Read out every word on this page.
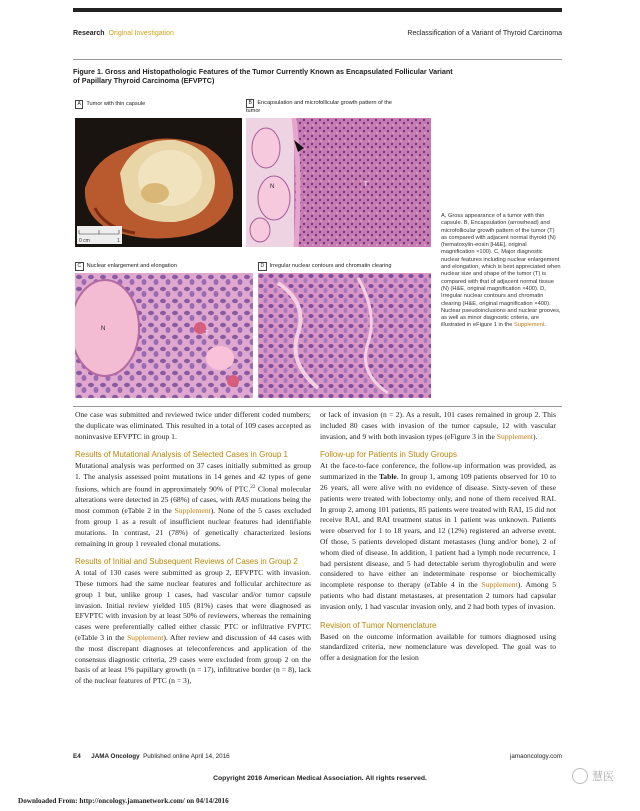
Research Original Investigation	Reclassification of a Variant of Thyroid Carcinoma
Figure 1. Gross and Histopathologic Features of the Tumor Currently Known as Encapsulated Follicular Variant of Papillary Thyroid Carcinoma (EFVPTC)
A Tumor with thin capsule	B Encapsulation and microfollicular growth pattern of the tumor
C Nuclear enlargement and elongation	D Irregular nuclear contours and chromatin clearing
0 cm	1
N	T
N
T
A, Gross appearance of a tumor with thin capsule. B, Encapsulation (arrowhead) and microfollicular growth pattern of the tumor (T) as compared with adjacent normal thyroid (N) (hematoxylin-eosin [H&E], original magnification ×100). C, Major diagnostic nuclear features including nuclear enlargement and elongation, which is best appreciated when nuclear size and shape of the tumor (T) is compared with that of adjacent normal tissue (N) (H&E, original magnification ×400). D, Irregular nuclear contours and chromatin clearing (H&E, original magnification ×400). Nuclear pseudoinclusions and nuclear grooves, as well as minor diagnostic criteria, are illustrated in eFigure 1 in the Supplement.

One case was submitted and reviewed twice under different coded numbers; the duplicate was eliminated. This resulted in a total of 109 cases accepted as noninvasive EFVPTC in group 1.

Results of Mutational Analysis of Selected Cases in Group 1

Mutational analysis was performed on 37 cases initially submitted as group 1. The analysis assessed point mutations in 14 genes and 42 types of gene fusions, which are found in approximately 90% of PTC.$^{22}$ Clonal molecular alterations were detected in 25 (68%) of cases, with RAS mutations being the most common (eTable 2 in the Supplement). None of the 5 cases excluded from group 1 as a result of insufficient nuclear features had identifiable mutations. In contrast, 21 (78%) of genetically characterized lesions remaining in group 1 revealed clonal mutations.

Results of Initial and Subsequent Reviews of Cases in Group 2

A total of 130 cases were submitted as group 2, EFVPTC with invasion. These tumors had the same nuclear features and follicular architecture as group 1 but, unlike group 1 cases, had vascular and/or tumor capsule invasion. Initial review yielded 105 (81%) cases that were diagnosed as EFVPTC with invasion by at least 50% of reviewers, whereas the remaining cases were preferentially called either classic PTC or infiltrative FVPTC (eTable 3 in the Supplement). After review and discussion of 44 cases with the most discrepant diagnoses at teleconferences and application of the consensus diagnostic criteria, 29 cases were excluded from group 2 on the basis of at least 1% papillary growth (n = 17), infiltrative border (n = 8), lack of the nuclear features of PTC (n = 3),

or lack of invasion (n = 2). As a result, 101 cases remained in group 2. This included 80 cases with invasion of the tumor capsule, 12 with vascular invasion, and 9 with both invasion types (eFigure 3 in the Supplement).

Follow-up for Patients in Study Groups

At the face-to-face conference, the follow-up information was provided, as summarized in the Table. In group 1, among 109 patients observed for 10 to 26 years, all were alive with no evidence of disease. Sixty-seven of these patients were treated with lobectomy only, and none of them received RAI. In group 2, among 101 patients, 85 patients were treated with RAI, 15 did not receive RAI, and RAI treatment status in 1 patient was unknown. Patients were observed for 1 to 18 years, and 12 (12%) registered an adverse event. Of those, 5 patients developed distant metastases (lung and/or bone), 2 of whom died of disease. In addition, 1 patient had a lymph node recurrence, 1 had persistent disease, and 5 had detectable serum thyroglobulin and were considered to have either an indeterminate response or biochemically incomplete response to therapy (eTable 4 in the Supplement). Among 5 patients who had distant metastases, at presentation 2 tumors had capsular invasion only, 1 had vascular invasion only, and 2 had both types of invasion.

Revision of Tumor Nomenclature

Based on the outcome information available for tumors diagnosed using standardized criteria, new nomenclature was developed. The goal was to offer a designation for the lesion

E4 JAMA Oncology Published online April 14, 2016	jamaoncology.com
Copyright 2016 American Medical Association. All rights reserved.
Downloaded From: http://oncology.jamanetwork.com/ on 04/14/2016
慧医
